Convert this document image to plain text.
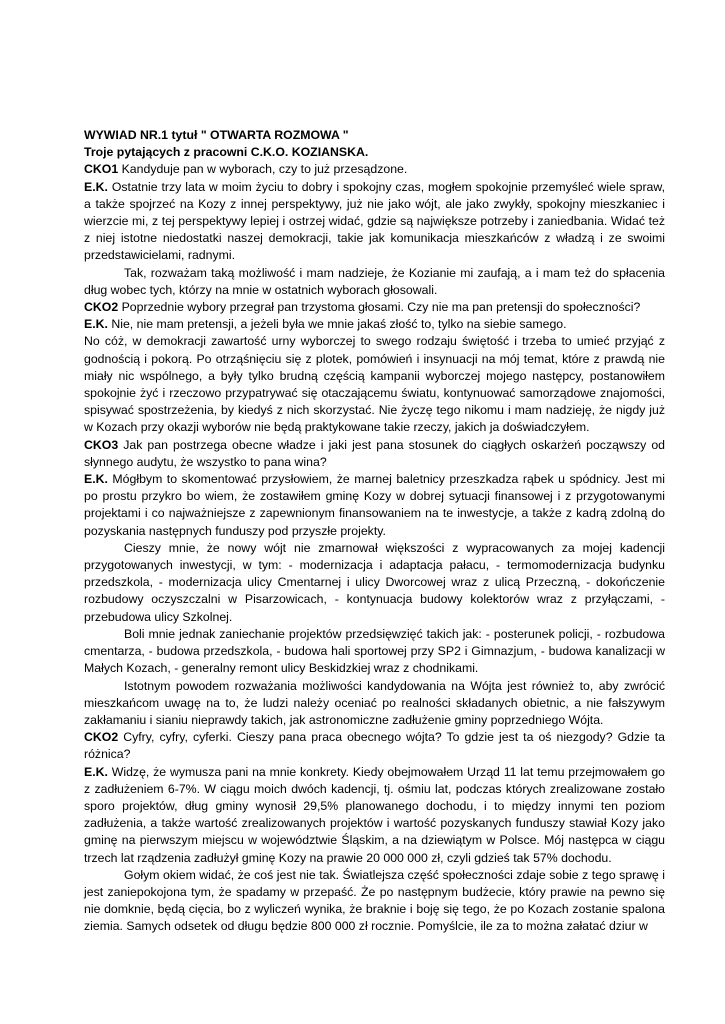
WYWIAD NR.1 tytuł " OTWARTA ROZMOWA "

Troje pytających z pracowni C.K.O. KOZIANSKA.

CKO1 Kandyduje pan w wyborach, czy to już przesądzone.

E.K. Ostatnie trzy lata w moim życiu to dobry i spokojny czas, mogłem spokojnie przemyśleć wiele spraw, a także spojrzeć na Kozy z innej perspektywy, już nie jako wójt, ale jako zwykły, spokojny mieszkaniec i wierzcie mi, z tej perspektywy lepiej i ostrzej widać, gdzie są największe potrzeby i zaniedbania. Widać też z niej istotne niedostatki naszej demokracji, takie jak komunikacja mieszkańców z władzą i ze swoimi przedstawicielami, radnymi.

Tak, rozważam taką możliwość i mam nadzieje, że Kozianie mi zaufają, a i mam też do spłacenia dług wobec tych, którzy na mnie w ostatnich wyborach głosowali.

CKO2 Poprzednie wybory przegrał pan trzystoma głosami. Czy nie ma pan pretensji do społeczności?

E.K. Nie, nie mam pretensji, a jeżeli była we mnie jakaś złość to, tylko na siebie samego.

No cóż, w demokracji zawartość urny wyborczej to swego rodzaju świętość i trzeba to umieć przyjąć z godnością i pokorą. Po otrząśnięciu się z plotek, pomówień i insynuacji na mój temat, które z prawdą nie miały nic wspólnego, a były tylko brudną częścią kampanii wyborczej mojego następcy, postanowiłem spokojnie żyć i rzeczowo przypatrywać się otaczającemu światu, kontynuować samorządowe znajomości, spisywać spostrzeżenia, by kiedyś z nich skorzystać. Nie życzę tego nikomu i mam nadzieję, że nigdy już w Kozach przy okazji wyborów nie będą praktykowane takie rzeczy, jakich ja doświadczyłem.

CKO3 Jak pan postrzega obecne władze i jaki jest pana stosunek do ciągłych oskarżeń począwszy od słynnego audytu, że wszystko to pana wina?

E.K. Mógłbym to skomentować przysłowiem, że marnej baletnicy przeszkadza rąbek u spódnicy. Jest mi po prostu przykro bo wiem, że zostawiłem gminę Kozy w dobrej sytuacji finansowej i z przygotowanymi projektami i co najważniejsze z zapewnionym finansowaniem na te inwestycje, a także z kadrą zdolną do pozyskania następnych funduszy pod przyszłe projekty.

Cieszy mnie, że nowy wójt nie zmarnował większości z wypracowanych za mojej kadencji przygotowanych inwestycji, w tym: - modernizacja i adaptacja pałacu, - termomodernizacja budynku przedszkola, - modernizacja ulicy Cmentarnej i ulicy Dworcowej wraz z ulicą Przeczną, - dokończenie rozbudowy oczyszczalni w Pisarzowicach, - kontynuacja budowy kolektorów wraz z przyłączami, - przebudowa ulicy Szkolnej.

Boli mnie jednak zaniechanie projektów przedsięwzięć takich jak: - posterunek policji, - rozbudowa cmentarza, - budowa przedszkola, - budowa hali sportowej przy SP2 i Gimnazjum, - budowa kanalizacji w Małych Kozach, - generalny remont ulicy Beskidzkiej wraz z chodnikami.

Istotnym powodem rozważania możliwości kandydowania na Wójta jest również to, aby zwrócić mieszkańcom uwagę na to, że ludzi należy oceniać po realności składanych obietnic, a nie fałszywym zakłamaniu i sianiu nieprawdy takich, jak astronomiczne zadłużenie gminy poprzedniego Wójta.

CKO2 Cyfry, cyfry, cyferki. Cieszy pana praca obecnego wójta? To gdzie jest ta oś niezgody? Gdzie ta różnica?

E.K. Widzę, że wymusza pani na mnie konkrety. Kiedy obejmowałem Urząd 11 lat temu przejmowałem go z zadłużeniem 6-7%. W ciągu moich dwóch kadencji, tj. ośmiu lat, podczas których zrealizowane zostało sporo projektów, dług gminy wynosił 29,5% planowanego dochodu, i to między innymi ten poziom zadłużenia, a także wartość zrealizowanych projektów i wartość pozyskanych funduszy stawiał Kozy jako gminę na pierwszym miejscu w województwie Śląskim, a na dziewiątym w Polsce. Mój następca w ciągu trzech lat rządzenia zadłużył gminę Kozy na prawie 20 000 000 zł, czyli gdzieś tak 57% dochodu.

Gołym okiem widać, że coś jest nie tak. Światlejsza część społeczności zdaje sobie z tego sprawę i jest zaniepokojona tym, że spadamy w przepaść. Że po następnym budżecie, który prawie na pewno się nie domknie, będą cięcia, bo z wyliczeń wynika, że braknie i boję się tego, że po Kozach zostanie spalona ziemia. Samych odsetek od długu będzie 800 000 zł rocznie. Pomyślcie, ile za to można załatać dziur w
